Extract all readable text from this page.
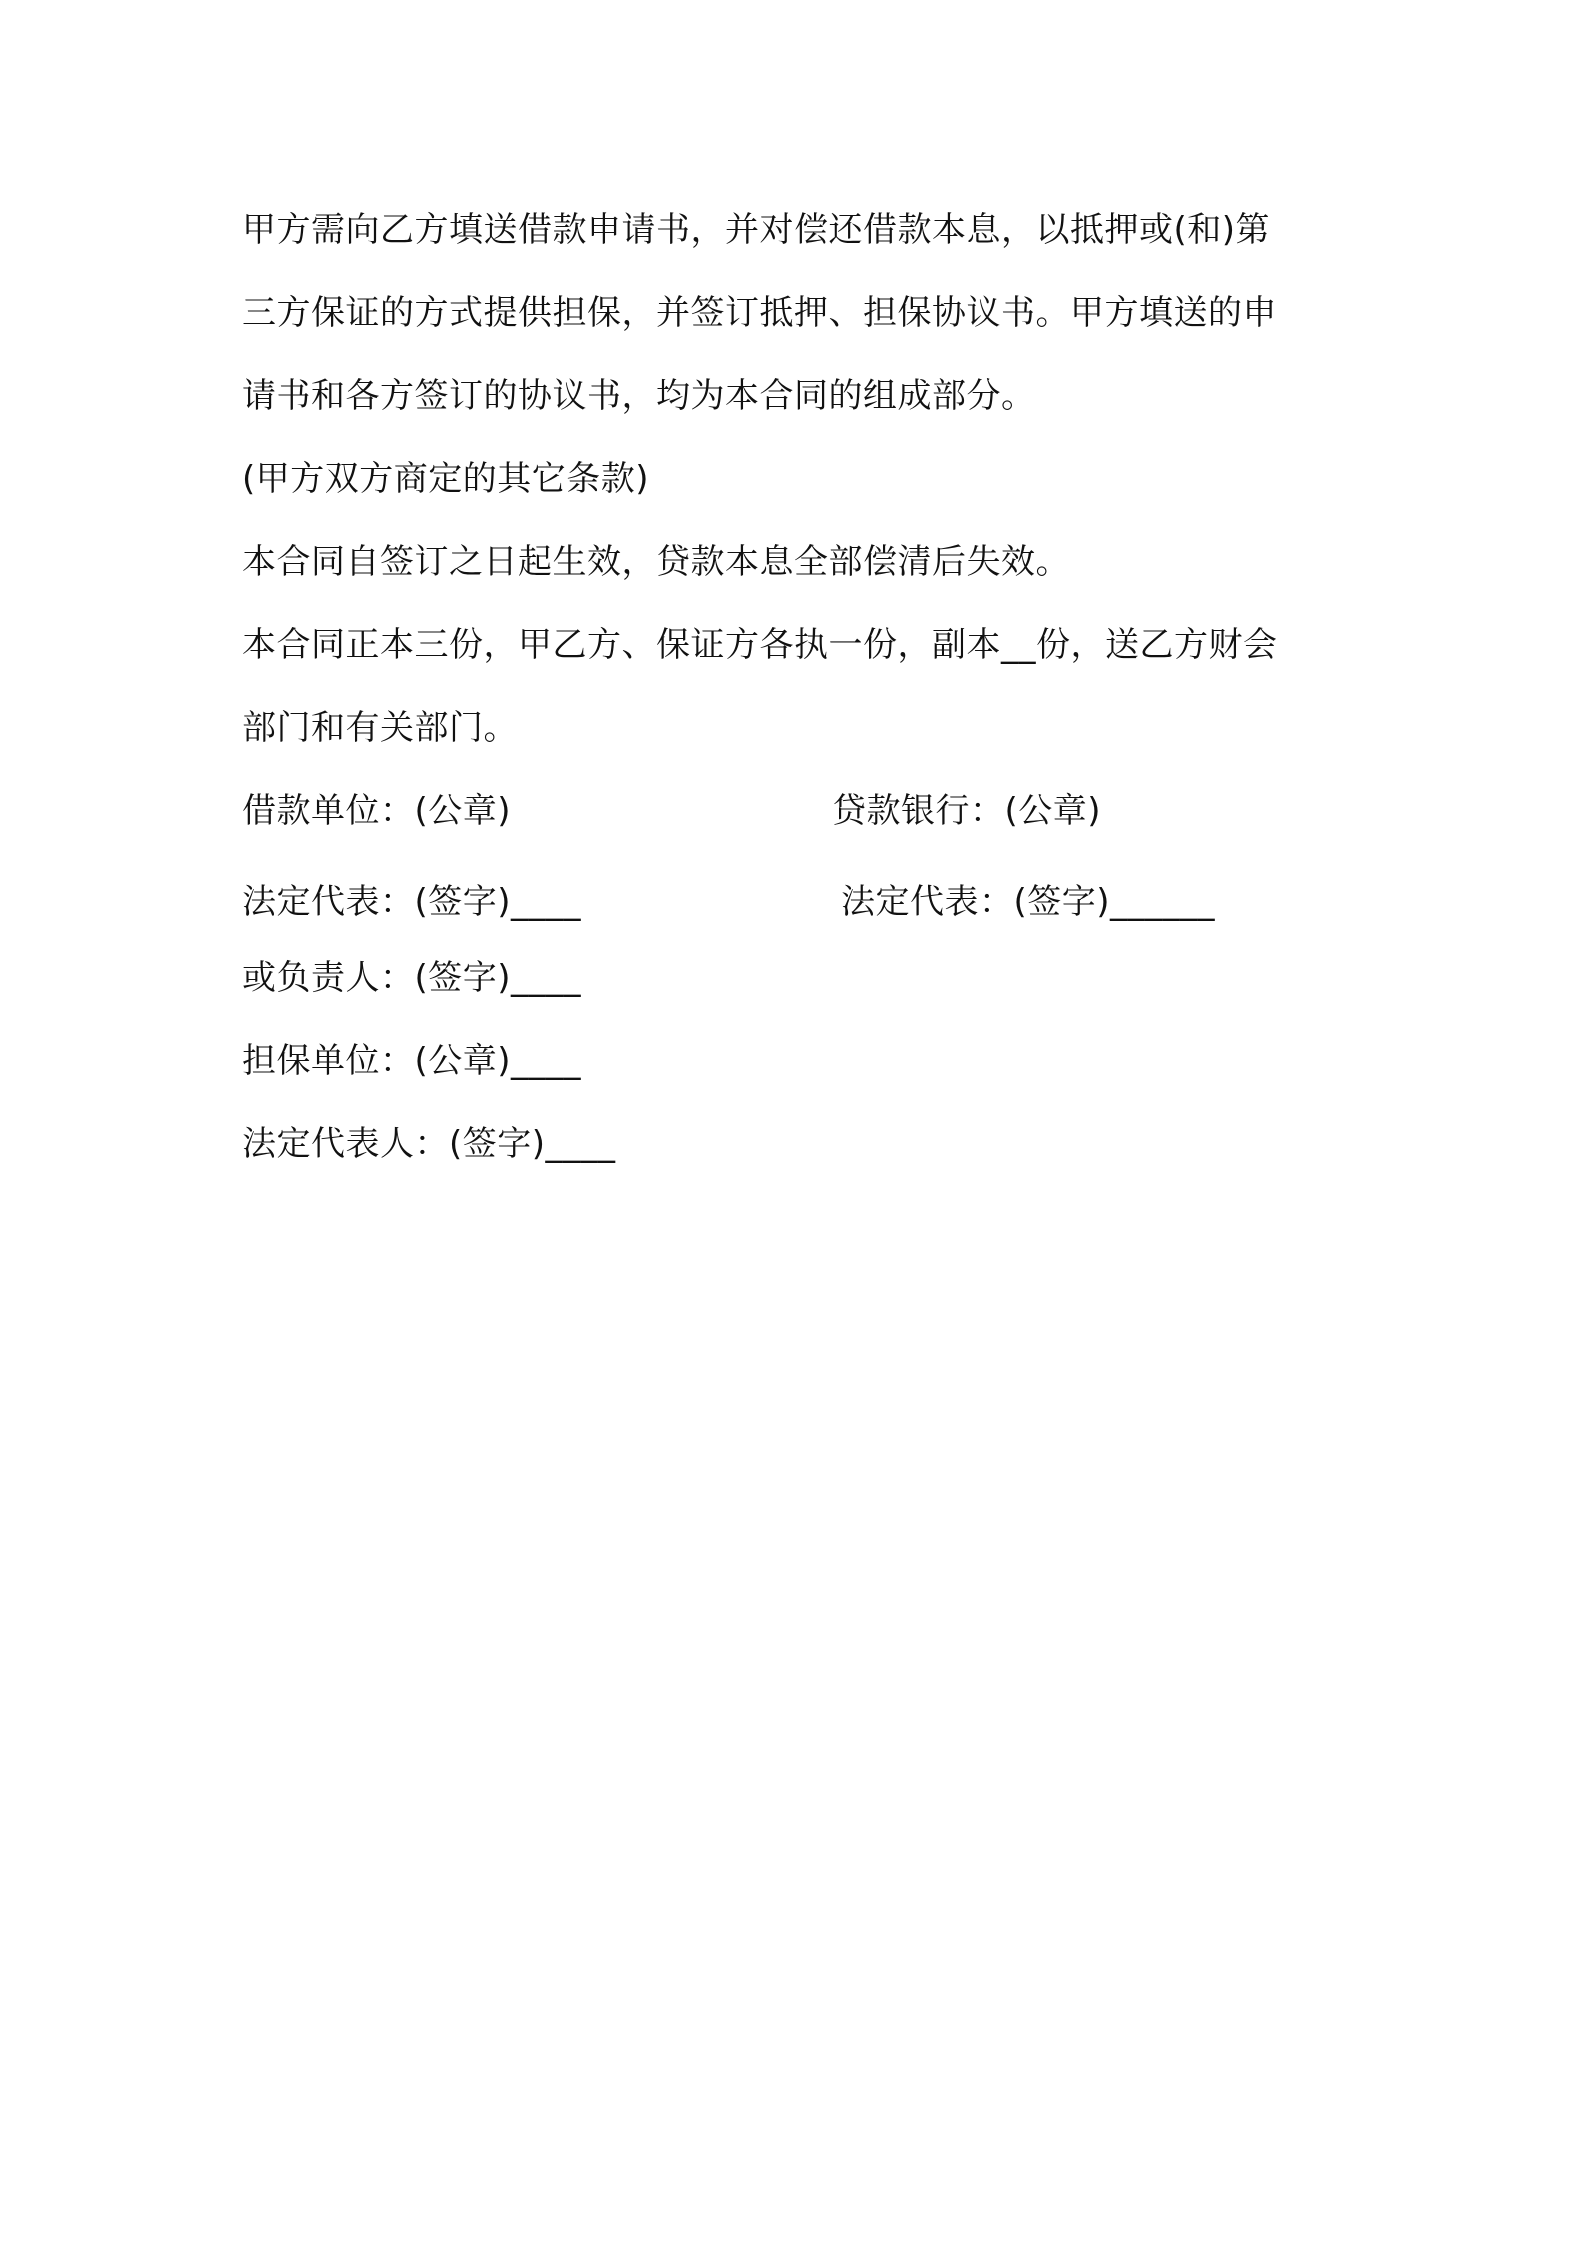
甲方需向乙方填送借款申请书，并对偿还借款本息，以抵押或(和)第
三方保证的方式提供担保，并签订抵押、担保协议书。甲方填送的申
请书和各方签订的协议书，均为本合同的组成部分。
(甲方双方商定的其它条款)
本合同自签订之日起生效，贷款本息全部偿清后失效。
本合同正本三份，甲乙方、保证方各执一份，副本__份，送乙方财会
部门和有关部门。
借款单位：(公章)	贷款银行：(公章)
法定代表：(签字)____	法定代表：(签字)______
或负责人：(签字)____
担保单位：(公章)____
法定代表人：(签字)____
